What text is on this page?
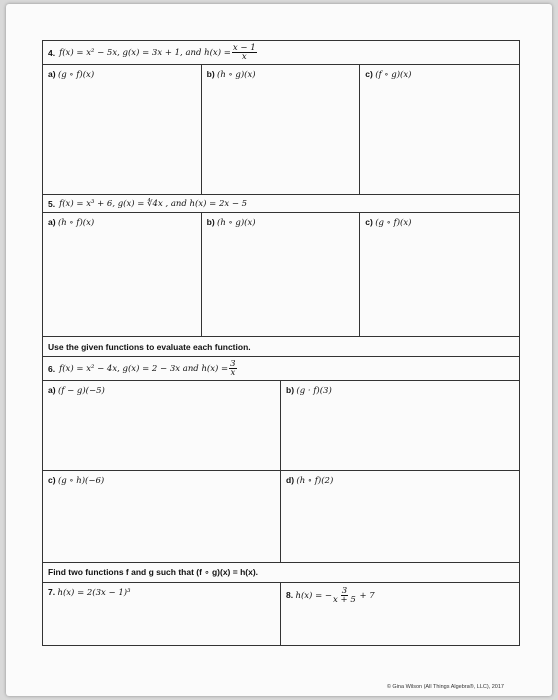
4. f(x) = x² − 5x, g(x) = 3x + 1, and $h(x) = \frac{x - 1}{x}$
a) (g ∘ f)(x)	b) (h ∘ g)(x)	c) (f ∘ g)(x)
5. f(x) = x³ + 6, g(x) = ∜4x , and h(x) = 2x − 5
a) (h ∘ f)(x)	b) (h ∘ g)(x)	c) (g ∘ f)(x)
Use the given functions to evaluate each function.
6. f(x) = x² − 4x, g(x) = 2 − 3x and $h(x) = \frac{3}{x}$
a) (f − g)(−5)	b) (g · f)(3)
c) (g ∘ h)(−6)	d) (h ∘ f)(2)
Find two functions f and g such that (f ∘ g)(x) = h(x).
7. h(x) = 2(3x − 1)³	8. h(x) = − $\frac{3}{x + 5} + 7$
© Gina Wilson (All Things Algebra®, LLC), 2017
